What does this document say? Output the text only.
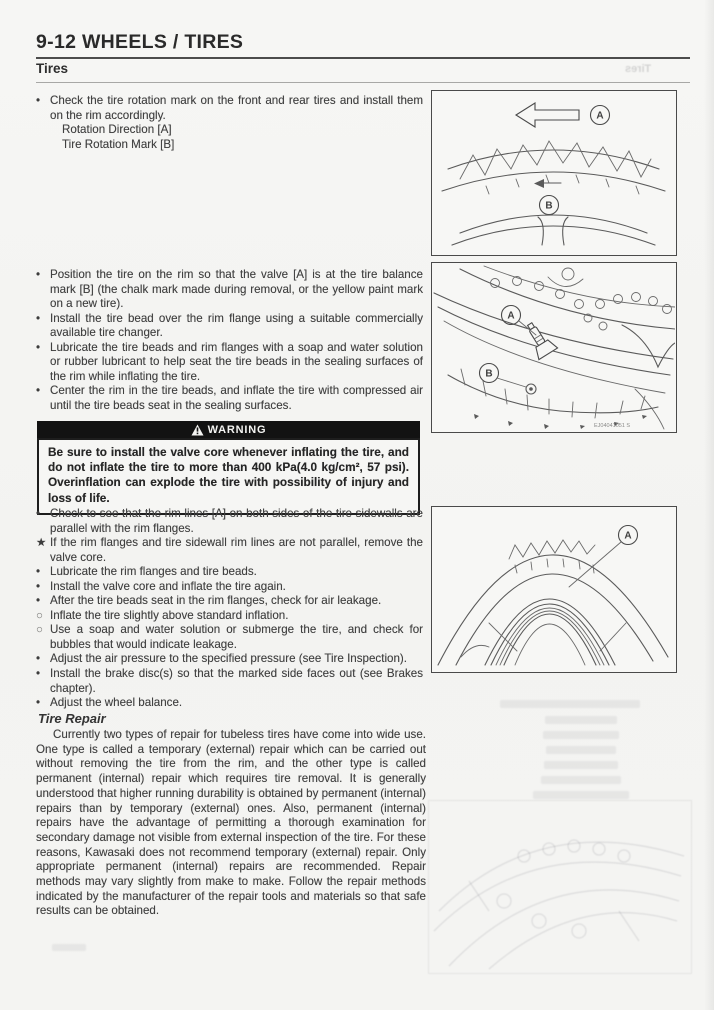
9-12 WHEELS / TIRES
Tires	Tires
• Check the tire rotation mark on the front and rear tires and install them on the rim accordingly.
Rotation Direction [A]
Tire Rotation Mark [B]
A
B
• Position the tire on the rim so that the valve [A] is at the tire balance mark [B] (the chalk mark made during removal, or the yellow paint mark on a new tire).
• Install the tire bead over the rim flange using a suitable commercially available tire changer.
• Lubricate the tire beads and rim flanges with a soap and water solution or rubber lubricant to help seat the tire beads in the sealing surfaces of the rim while inflating the tire.
• Center the rim in the tire beads, and inflate the tire with compressed air until the tire beads seat in the sealing surfaces.
A
B
EJ04041051 S
WARNING
Be sure to install the valve core whenever inflating the tire, and do not inflate the tire to more than 400 kPa(4.0 kg/cm², 57 psi). Overinflation can explode the tire with possibility of injury and loss of life.
• Check to see that the rim lines [A] on both sides of the tire sidewalls are parallel with the rim flanges.
★ If the rim flanges and tire sidewall rim lines are not parallel, remove the valve core.
• Lubricate the rim flanges and tire beads.
• Install the valve core and inflate the tire again.
• After the tire beads seat in the rim flanges, check for air leakage.
○ Inflate the tire slightly above standard inflation.
○ Use a soap and water solution or submerge the tire, and check for bubbles that would indicate leakage.
• Adjust the air pressure to the specified pressure (see Tire Inspection).
• Install the brake disc(s) so that the marked side faces out (see Brakes chapter).
• Adjust the wheel balance.
A
Tire Repair
Currently two types of repair for tubeless tires have come into wide use. One type is called a temporary (external) repair which can be carried out without removing the tire from the rim, and the other type is called permanent (internal) repair which requires tire removal. It is generally understood that higher running durability is obtained by permanent (internal) repairs than by temporary (external) ones. Also, permanent (internal) repairs have the advantage of permitting a thorough examination for secondary damage not visible from external inspection of the tire. For these reasons, Kawasaki does not recommend temporary (external) repair. Only appropriate permanent (internal) repairs are recommended. Repair methods may vary slightly from make to make. Follow the repair methods indicated by the manufacturer of the repair tools and materials so that safe results can be obtained.
